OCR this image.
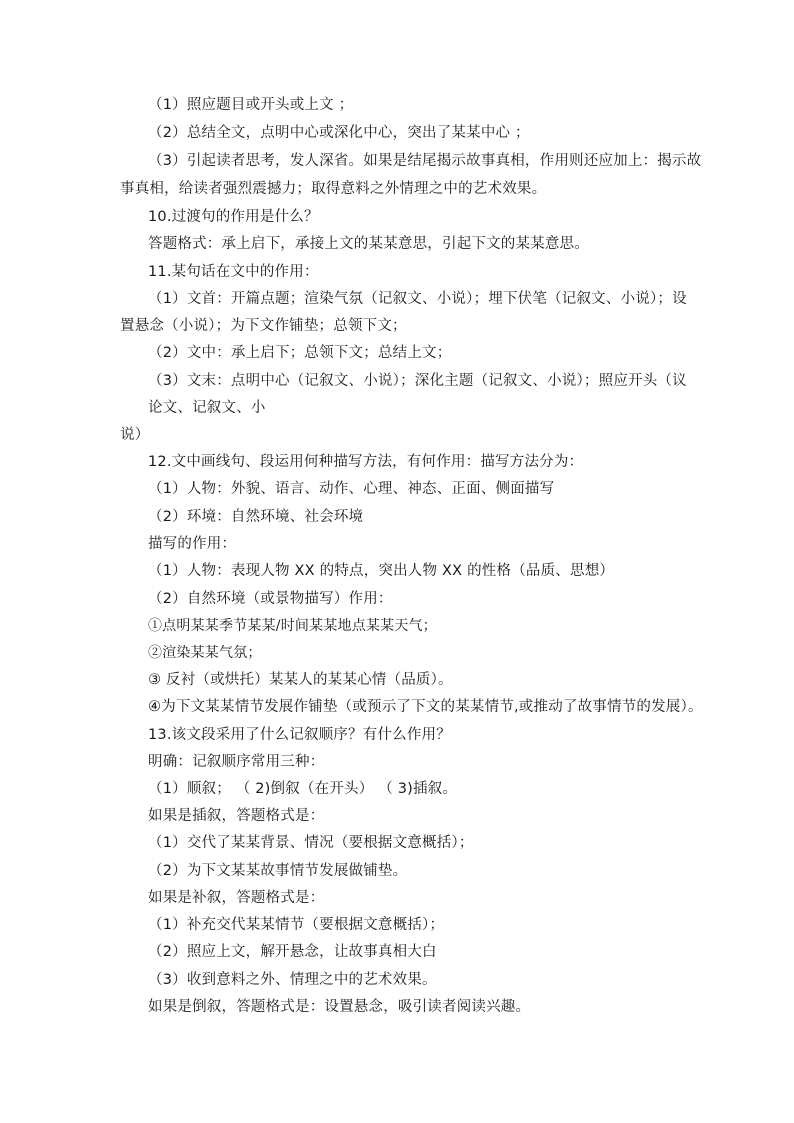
（1）照应题目或开头或上文 ；
（2）总结全文，点明中心或深化中心，突出了某某中心 ；
（3）引起读者思考，发人深省。如果是结尾揭示故事真相，作用则还应加上：揭示故
事真相，给读者强烈震撼力；取得意料之外情理之中的艺术效果。
10.过渡句的作用是什么？
答题格式：承上启下，承接上文的某某意思，引起下文的某某意思。
11.某句话在文中的作用：
（1）文首：开篇点题；渲染气氛（记叙文、小说）；埋下伏笔（记叙文、小说）；设
置悬念（小说）；为下文作铺垫；总领下文；
（2）文中：承上启下；总领下文；总结上文；
（3）文末：点明中心（记叙文、小说）；深化主题（记叙文、小说）；照应开头（议
论文、记叙文、小
说）
12.文中画线句、段运用何种描写方法，有何作用：描写方法分为：
（1）人物：外貌、语言、动作、心理、神态、正面、侧面描写
（2）环境：自然环境、社会环境
描写的作用：
（1）人物：表现人物 XX 的特点，突出人物 XX 的性格（品质、思想）
（2）自然环境（或景物描写）作用：
①点明某某季节某某/时间某某地点某某天气；
②渲染某某气氛；
③ 反衬（或烘托）某某人的某某心情（品质）。
④为下文某某情节发展作铺垫（或预示了下文的某某情节,或推动了故事情节的发展）。
13.该文段采用了什么记叙顺序？有什么作用？
明确：记叙顺序常用三种：
（1）顺叙； （ 2)倒叙（在开头） （ 3)插叙。
如果是插叙，答题格式是：
（1）交代了某某背景、情况（要根据文意概括）；
（2）为下文某某故事情节发展做铺垫。
如果是补叙，答题格式是：
（1）补充交代某某情节（要根据文意概括）；
（2）照应上文，解开悬念，让故事真相大白
（3）收到意料之外、情理之中的艺术效果。
如果是倒叙，答题格式是：设置悬念，吸引读者阅读兴趣。
